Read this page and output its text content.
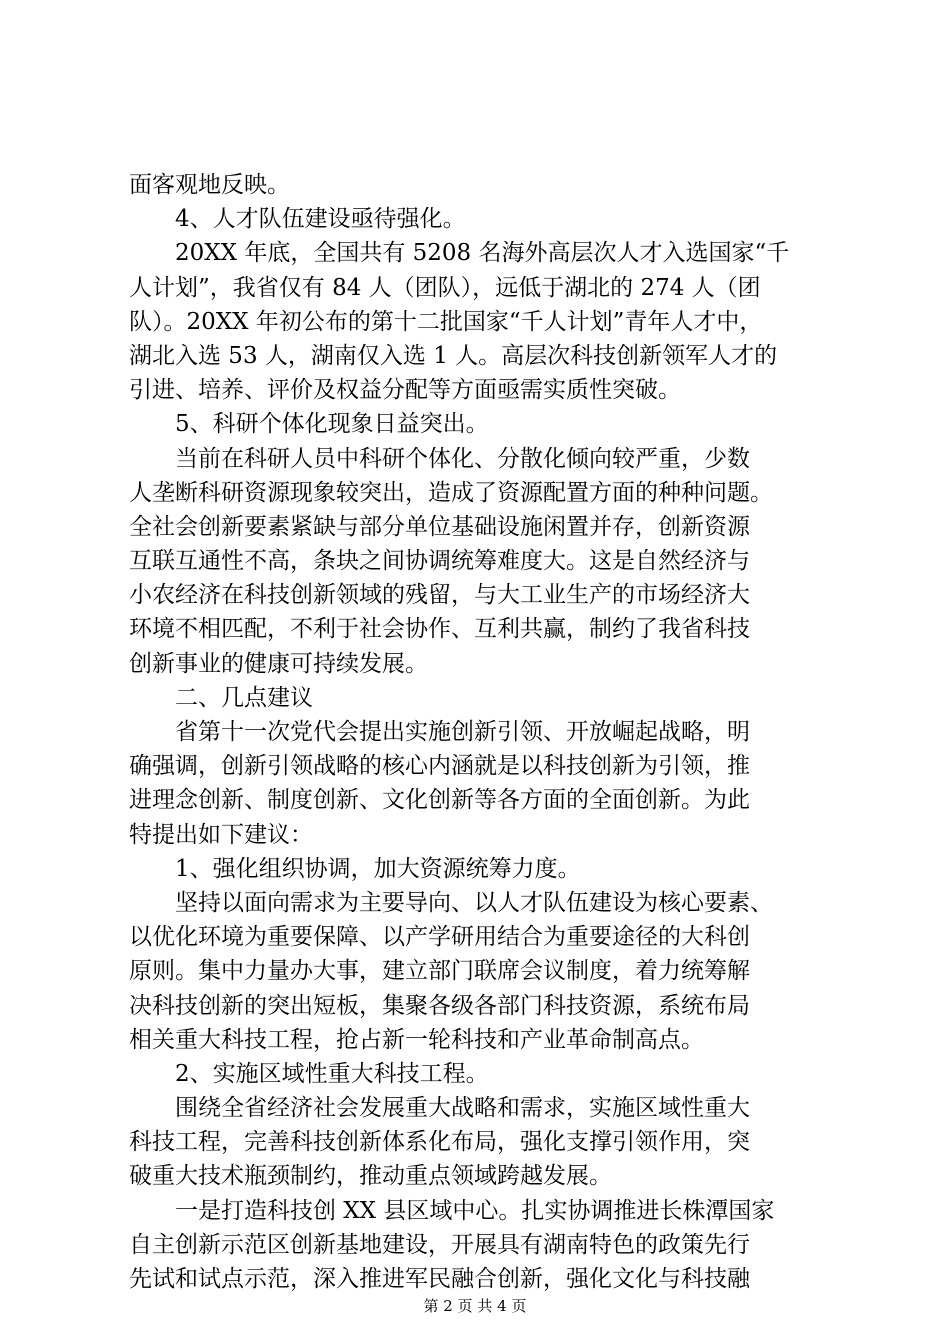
面客观地反映。
4、人才队伍建设亟待强化。
20XX 年底，全国共有 5208 名海外高层次人才入选国家“千
人计划”，我省仅有 84 人（团队），远低于湖北的 274 人（团
队）。20XX 年初公布的第十二批国家“千人计划”青年人才中，
湖北入选 53 人，湖南仅入选 1 人。高层次科技创新领军人才的
引进、培养、评价及权益分配等方面亟需实质性突破。
5、科研个体化现象日益突出。
当前在科研人员中科研个体化、分散化倾向较严重，少数
人垄断科研资源现象较突出，造成了资源配置方面的种种问题。
全社会创新要素紧缺与部分单位基础设施闲置并存，创新资源
互联互通性不高，条块之间协调统筹难度大。这是自然经济与
小农经济在科技创新领域的残留，与大工业生产的市场经济大
环境不相匹配，不利于社会协作、互利共赢，制约了我省科技
创新事业的健康可持续发展。
二、几点建议
省第十一次党代会提出实施创新引领、开放崛起战略，明
确强调，创新引领战略的核心内涵就是以科技创新为引领，推
进理念创新、制度创新、文化创新等各方面的全面创新。为此
特提出如下建议：
1、强化组织协调，加大资源统筹力度。
坚持以面向需求为主要导向、以人才队伍建设为核心要素、
以优化环境为重要保障、以产学研用结合为重要途径的大科创
原则。集中力量办大事，建立部门联席会议制度，着力统筹解
决科技创新的突出短板，集聚各级各部门科技资源，系统布局
相关重大科技工程，抢占新一轮科技和产业革命制高点。
2、实施区域性重大科技工程。
围绕全省经济社会发展重大战略和需求，实施区域性重大
科技工程，完善科技创新体系化布局，强化支撑引领作用，突
破重大技术瓶颈制约，推动重点领域跨越发展。
一是打造科技创 XX 县区域中心。扎实协调推进长株潭国家
自主创新示范区创新基地建设，开展具有湖南特色的政策先行
先试和试点示范，深入推进军民融合创新，强化文化与科技融
第 2 页 共 4 页
